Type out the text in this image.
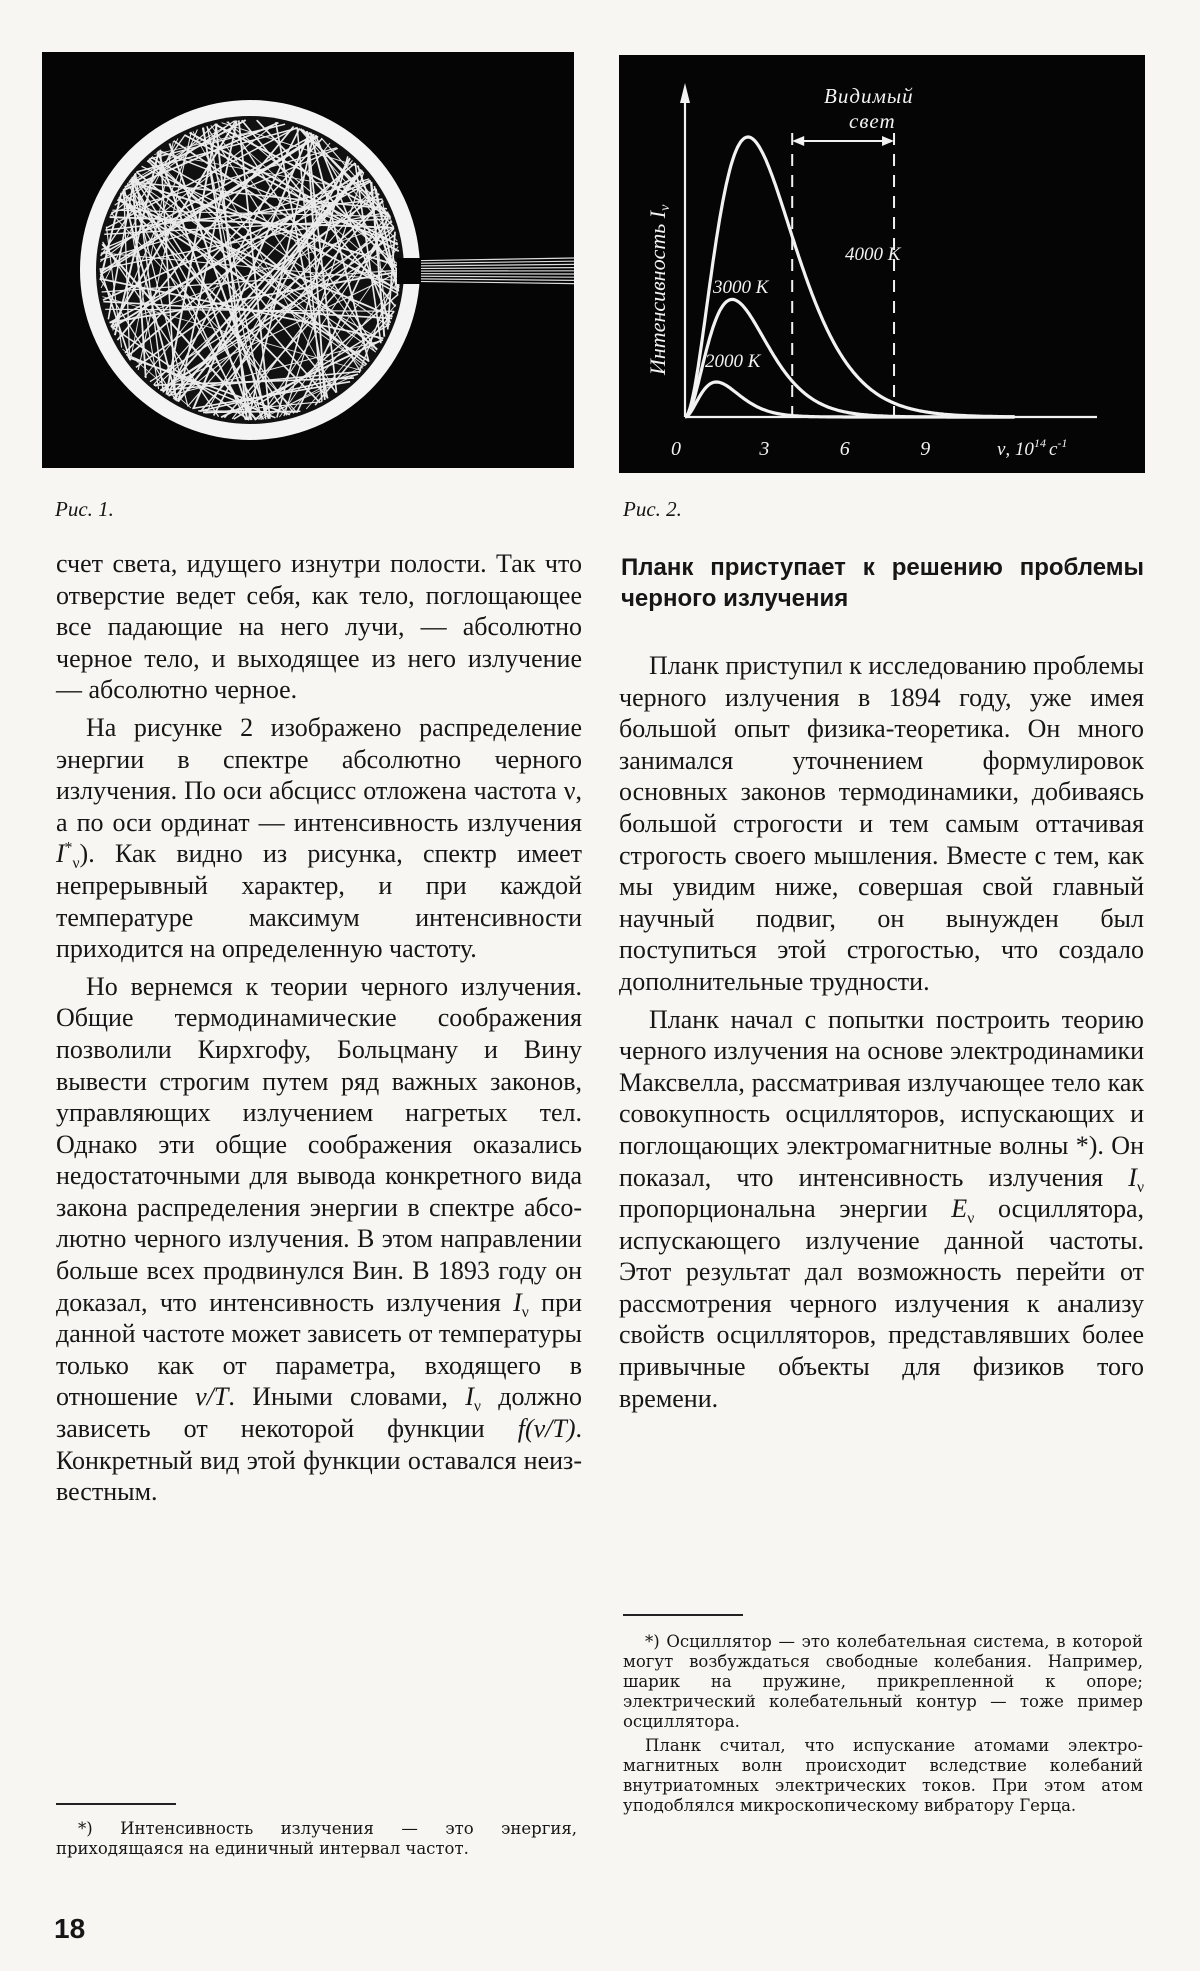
Рис. 1.
0	3	6	9
Видимый
свет
4000 К
3000 К
2000 К
Интенсивность Iν
ν, $10^{14}$ $с^{-1}$
Рис. 2.

счет света, идущего изнутри полости. Так что отверстие ведет себя, как тело, поглощающее все падающие на него лучи, — абсолютно черное тело, и выходящее из него излучение — абсолютно черное.

На рисунке 2 изображено распределение энергии в спектре абсолютно черного излучения. По оси абсцисс отложена частота ν, а по оси ординат — интенсивность излучения $I^*_\nu$). Как видно из рисунка, спектр имеет непрерывный характер, и при каждой температуре максимум интенсивности приходится на определенную частоту.

Но вернемся к теории черного излучения. Общие термодинамические соображения позволили Кирхгофу, Больцману и Вину вывести строгим путем ряд важных законов, управляющих излучением нагретых тел. Однако эти общие соображения оказались недостаточными для вывода конкретного вида закона распределения энергии в спектре абсолютно черного излучения. В этом направлении больше всех продвинулся Вин. В 1893 году он доказал, что интенсивность излучения $I_\nu$ при данной частоте может зависеть от температуры только как от параметра, входящего в отношение ν/T. Иными словами, $I_\nu$ должно зависеть от некоторой функции f(ν/T). Конкретный вид этой функции оставался неизвестным.

Планк приступает к решению проблемы черного излучения

Планк приступил к исследованию проблемы черного излучения в 1894 году, уже имея большой опыт физика-теоретика. Он много занимался уточнением формулировок основных законов термодинамики, добиваясь большой строгости и тем самым оттачивая строгость своего мышления. Вместе с тем, как мы увидим ниже, совершая свой главный научный подвиг, он вынужден был поступиться этой строгостью, что создало дополнительные трудности.

Планк начал с попытки построить теорию черного излучения на основе электродинамики Максвелла, рассматривая излучающее тело как совокупность осцилляторов, испускающих и поглощающих электромагнитные волны *). Он показал, что интенсивность излучения $I_\nu$ пропорциональна энергии $E_\nu$ осциллятора, испускающего излучение данной частоты. Этот результат дал возможность перейти от рассмотрения черного излучения к анализу свойств осцилляторов, представлявших более привычные объекты для физиков того времени.

*) Осциллятор — это колебательная система, в которой могут возбуждаться свободные колебания. Например, шарик на пружине, прикрепленной к опоре; электрический колебательный контур — тоже пример осциллятора.

Планк считал, что испускание атомами электромагнитных волн происходит вследствие колебаний внутриатомных электрических токов. При этом атом уподоблялся микроскопическому вибратору Герца.

*) Интенсивность излучения — это энергия, приходящаяся на единичный интервал частот.

18
